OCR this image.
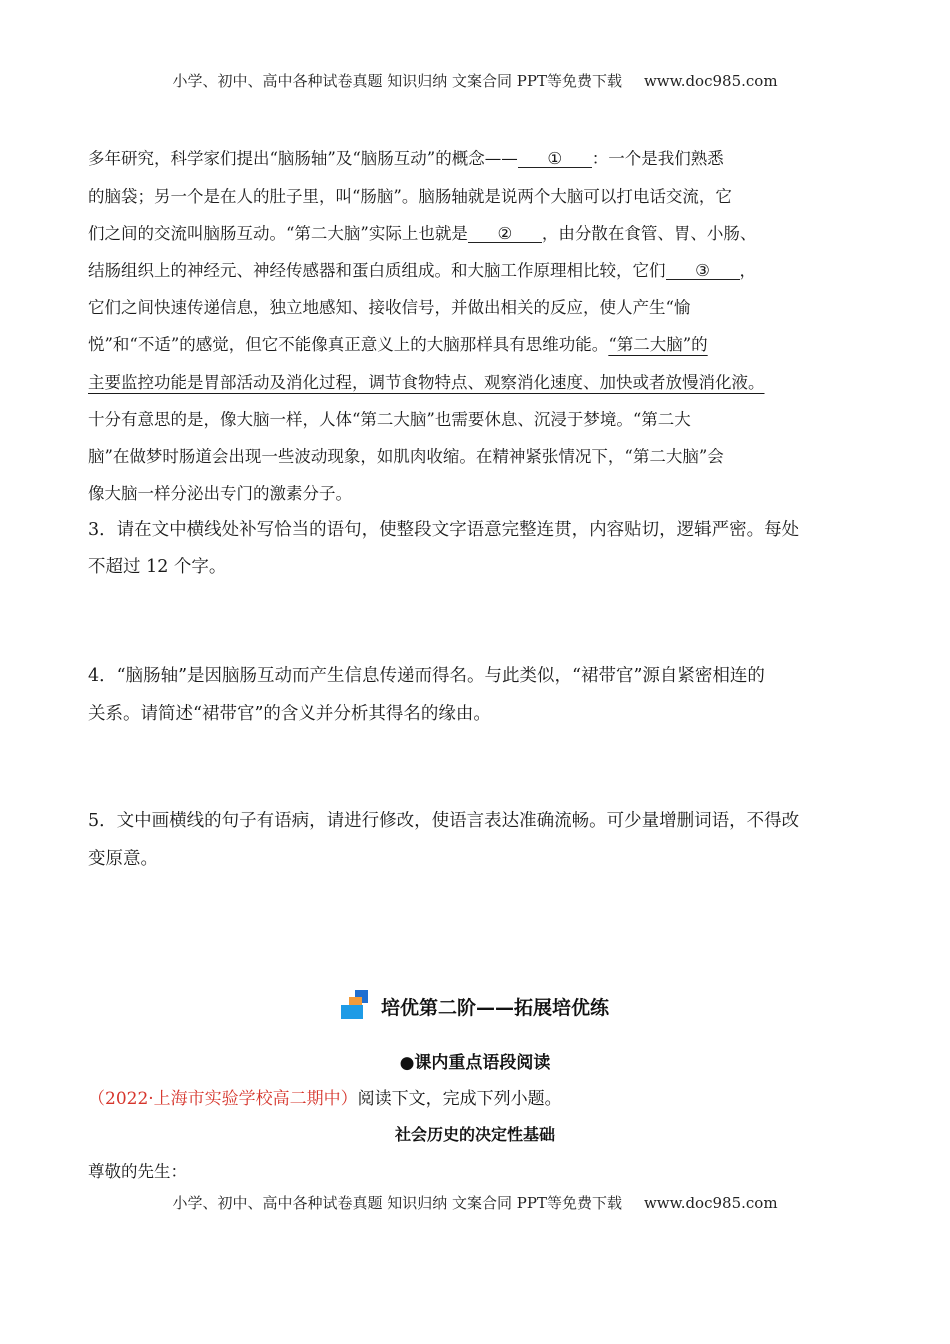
小学、初中、高中各种试卷真题 知识归纳 文案合同 PPT等免费下载 www.doc985.com
多年研究，科学家们提出“脑肠轴”及“脑肠互动”的概念—— ① ：一个是我们熟悉
的脑袋；另一个是在人的肚子里，叫“肠脑”。脑肠轴就是说两个大脑可以打电话交流，它
们之间的交流叫脑肠互动。“第二大脑”实际上也就是 ② ，由分散在食管、胃、小肠、
结肠组织上的神经元、神经传感器和蛋白质组成。和大脑工作原理相比较，它们 ③ ，
它们之间快速传递信息，独立地感知、接收信号，并做出相关的反应，使人产生“愉
悦”和“不适”的感觉，但它不能像真正意义上的大脑那样具有思维功能。“第二大脑”的
主要监控功能是胃部活动及消化过程，调节食物特点、观察消化速度、加快或者放慢消化液。
十分有意思的是，像大脑一样，人体“第二大脑”也需要休息、沉浸于梦境。“第二大
脑”在做梦时肠道会出现一些波动现象，如肌肉收缩。在精神紧张情况下，“第二大脑”会
像大脑一样分泌出专门的激素分子。
3．请在文中横线处补写恰当的语句，使整段文字语意完整连贯，内容贴切，逻辑严密。每处
不超过 12 个字。
4．“脑肠轴”是因脑肠互动而产生信息传递而得名。与此类似，“裙带官”源自紧密相连的
关系。请简述“裙带官”的含义并分析其得名的缘由。
5．文中画横线的句子有语病，请进行修改，使语言表达准确流畅。可少量增删词语，不得改
变原意。
培优第二阶——拓展培优练
●课内重点语段阅读
（2022·上海市实验学校高二期中）阅读下文，完成下列小题。
社会历史的决定性基础
尊敬的先生：
小学、初中、高中各种试卷真题 知识归纳 文案合同 PPT等免费下载 www.doc985.com
